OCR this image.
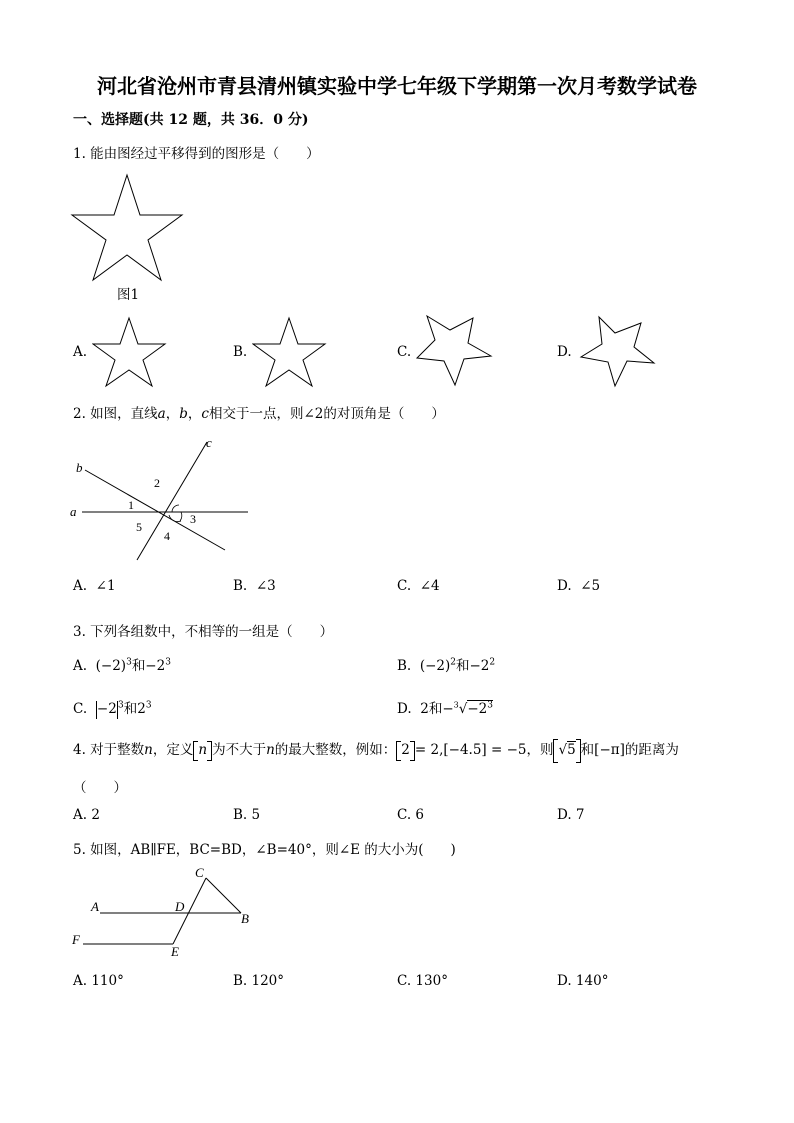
河北省沧州市青县清州镇实验中学七年级下学期第一次月考数学试卷
一、选择题(共 12 题，共 36．0 分)
1. 能由图经过平移得到的图形是（　　）
图1
A.	B.	C.	D.
2. 如图，直线a，b，c相交于一点，则∠2的对顶角是（　　）
c
b
a	1
2
3
4
5
A. ∠1	B. ∠3	C. ∠4	D. ∠5
3. 下列各组数中，不相等的一组是（　　）
A. $(-2)^3$和$-2^3$	B. $(-2)^2$和$-2^2$
C. $-2^3$和$2^3$	D. 2和$-^3√-2^3$
4. 对于整数n，定义 n 为不大于n的最大整数，例如： 2 = 2,[−4.5] = −5，则 √5 和[−π]的距离为
（　　）
A. 2	B. 5	C. 6	D. 7
5. 如图，AB∥FE，BC=BD，∠B=40°，则∠E 的大小为(　　)
C
A	D
B
F
E
A. 110°	B. 120°	C. 130°	D. 140°
